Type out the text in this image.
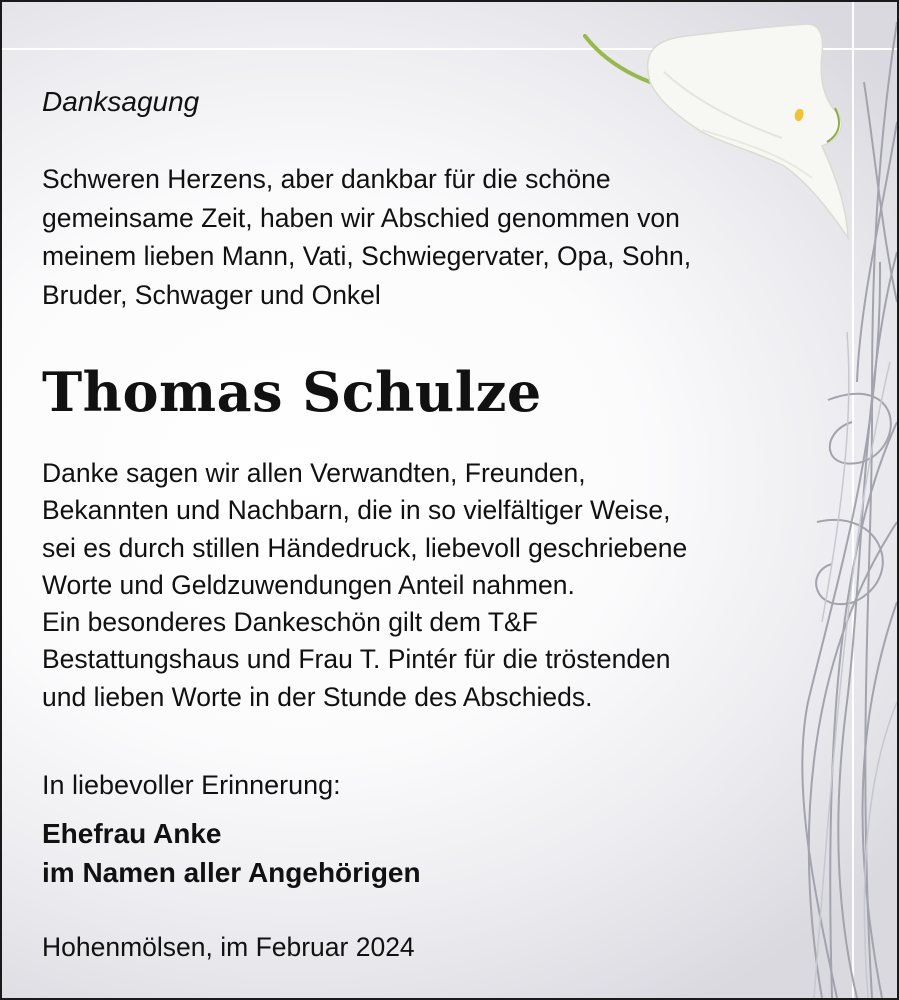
Danksagung

Schweren Herzens, aber dankbar für die schöne
gemeinsame Zeit, haben wir Abschied genommen von
meinem lieben Mann, Vati, Schwiegervater, Opa, Sohn,
Bruder, Schwager und Onkel

Thomas Schulze

Danke sagen wir allen Verwandten, Freunden,
Bekannten und Nachbarn, die in so vielfältiger Weise,
sei es durch stillen Händedruck, liebevoll geschriebene
Worte und Geldzuwendungen Anteil nahmen.
Ein besonderes Dankeschön gilt dem T&F
Bestattungshaus und Frau T. Pintér für die tröstenden
und lieben Worte in der Stunde des Abschieds.

In liebevoller Erinnerung:

Ehefrau Anke
im Namen aller Angehörigen

Hohenmölsen, im Februar 2024
